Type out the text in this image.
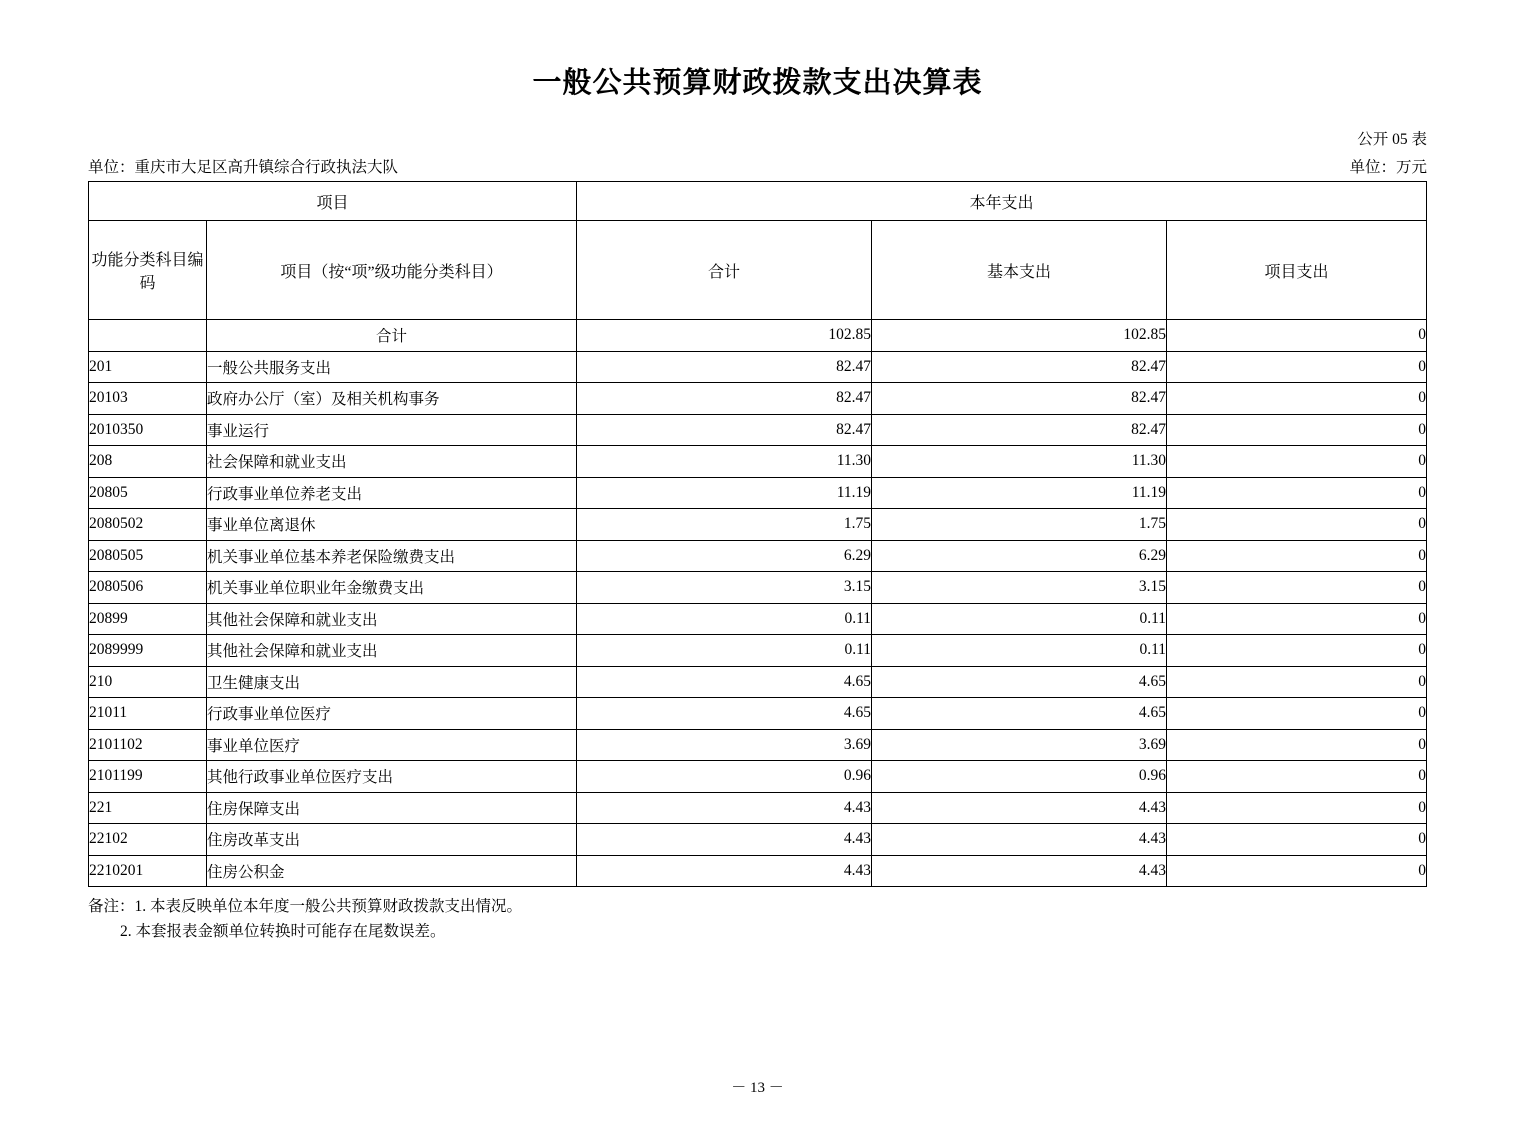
一般公共预算财政拨款支出决算表
公开 05 表
单位：重庆市大足区高升镇综合行政执法大队	单位：万元
项目		本年支出		
功能分类科目编码	项目（按“项”级功能分类科目）	合计	基本支出	项目支出
	合计	102.85	102.85	0
201	一般公共服务支出	82.47	82.47	0
20103	政府办公厅（室）及相关机构事务	82.47	82.47	0
2010350	事业运行	82.47	82.47	0
208	社会保障和就业支出	11.30	11.30	0
20805	行政事业单位养老支出	11.19	11.19	0
2080502	事业单位离退休	1.75	1.75	0
2080505	机关事业单位基本养老保险缴费支出	6.29	6.29	0
2080506	机关事业单位职业年金缴费支出	3.15	3.15	0
20899	其他社会保障和就业支出	0.11	0.11	0
2089999	其他社会保障和就业支出	0.11	0.11	0
210	卫生健康支出	4.65	4.65	0
21011	行政事业单位医疗	4.65	4.65	0
2101102	事业单位医疗	3.69	3.69	0
2101199	其他行政事业单位医疗支出	0.96	0.96	0
221	住房保障支出	4.43	4.43	0
22102	住房改革支出	4.43	4.43	0
2210201	住房公积金	4.43	4.43	0
备注：1. 本表反映单位本年度一般公共预算财政拨款支出情况。
2. 本套报表金额单位转换时可能存在尾数误差。
－ 13 －
